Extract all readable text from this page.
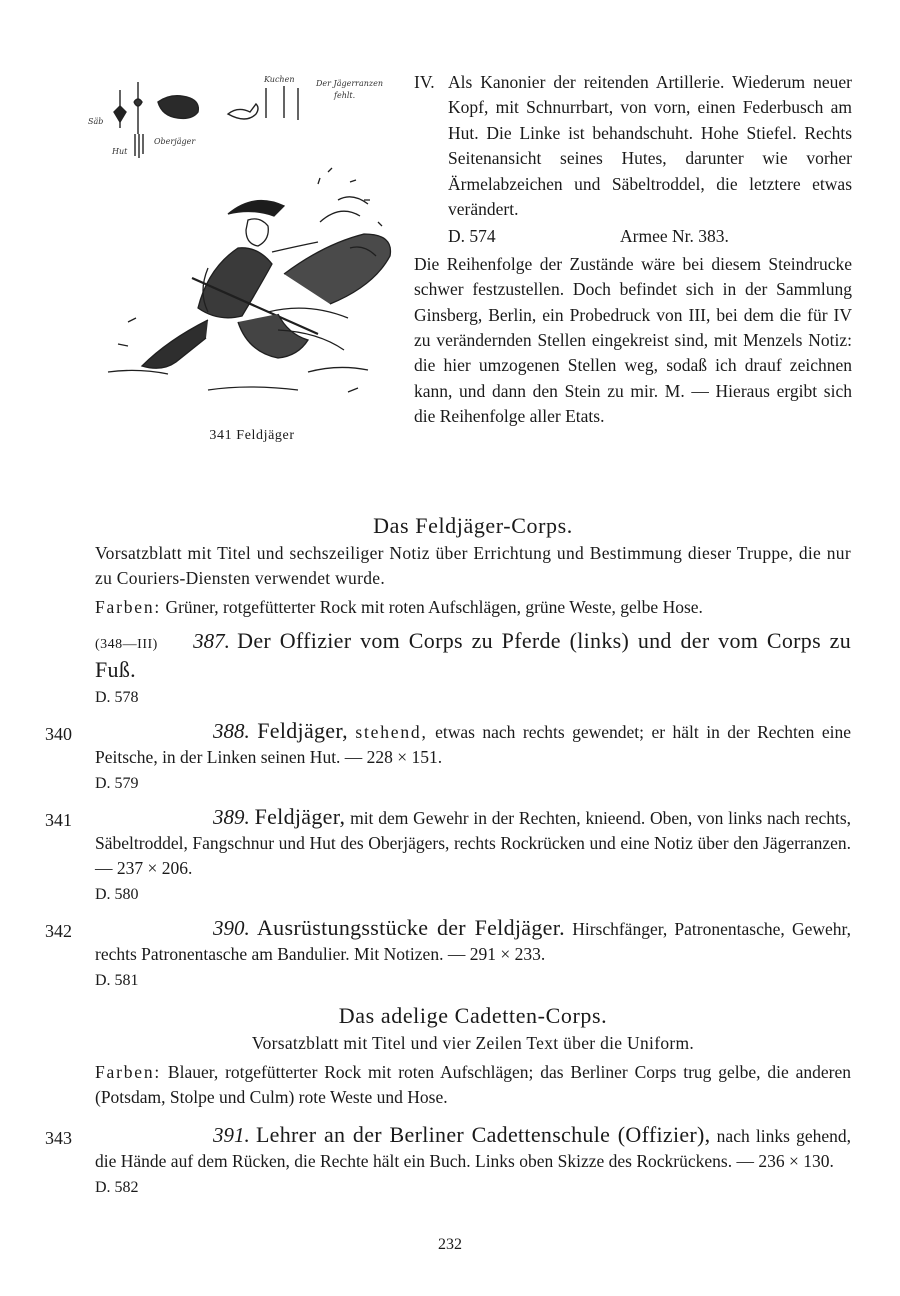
Säb
Oberjäger
Hut
Kuchen	Der Jägerranzen
fehlt.
341 Feldjäger
IV. Als Kanonier der reitenden Artillerie. Wiederum neuer Kopf, mit Schnurrbart, von vorn, einen Federbusch am Hut. Die Linke ist behandschuht. Hohe Stiefel. Rechts Seitenansicht seines Hutes, darunter wie vorher Ärmelabzeichen und Säbeltroddel, die letztere etwas verändert.
D. 574	Armee Nr. 383.
Die Reihenfolge der Zustände wäre bei diesem Steindrucke schwer festzustellen. Doch befindet sich in der Sammlung Ginsberg, Berlin, ein Probedruck von III, bei dem die für IV zu verändernden Stellen eingekreist sind, mit Menzels Notiz: die hier umzogenen Stellen weg, sodaß ich drauf zeichnen kann, und dann den Stein zu mir. M. — Hieraus ergibt sich die Reihenfolge aller Etats.
Das Feldjäger-Corps.
Vorsatzblatt mit Titel und sechszeiliger Notiz über Errichtung und Bestimmung dieser Truppe, die nur zu Couriers-Diensten verwendet wurde.
Farben: Grüner, rotgefütterter Rock mit roten Aufschlägen, grüne Weste, gelbe Hose.
(348—III) 387. Der Offizier vom Corps zu Pferde (links) und der vom Corps zu Fuß.
D. 578
340	388. Feldjäger, stehend, etwas nach rechts gewendet; er hält in der Rechten eine Peitsche, in der Linken seinen Hut. — 228 × 151.
D. 579
341	389. Feldjäger, mit dem Gewehr in der Rechten, knieend. Oben, von links nach rechts, Säbeltroddel, Fangschnur und Hut des Oberjägers, rechts Rockrücken und eine Notiz über den Jägerranzen. — 237 × 206.
D. 580
342	390. Ausrüstungsstücke der Feldjäger. Hirschfänger, Patronentasche, Gewehr, rechts Patronentasche am Bandulier. Mit Notizen. — 291 × 233.
D. 581
Das adelige Cadetten-Corps.
Vorsatzblatt mit Titel und vier Zeilen Text über die Uniform.
Farben: Blauer, rotgefütterter Rock mit roten Aufschlägen; das Berliner Corps trug gelbe, die anderen (Potsdam, Stolpe und Culm) rote Weste und Hose.
343	391. Lehrer an der Berliner Cadettenschule (Offizier), nach links gehend, die Hände auf dem Rücken, die Rechte hält ein Buch. Links oben Skizze des Rockrückens. — 236 × 130.
D. 582
232
